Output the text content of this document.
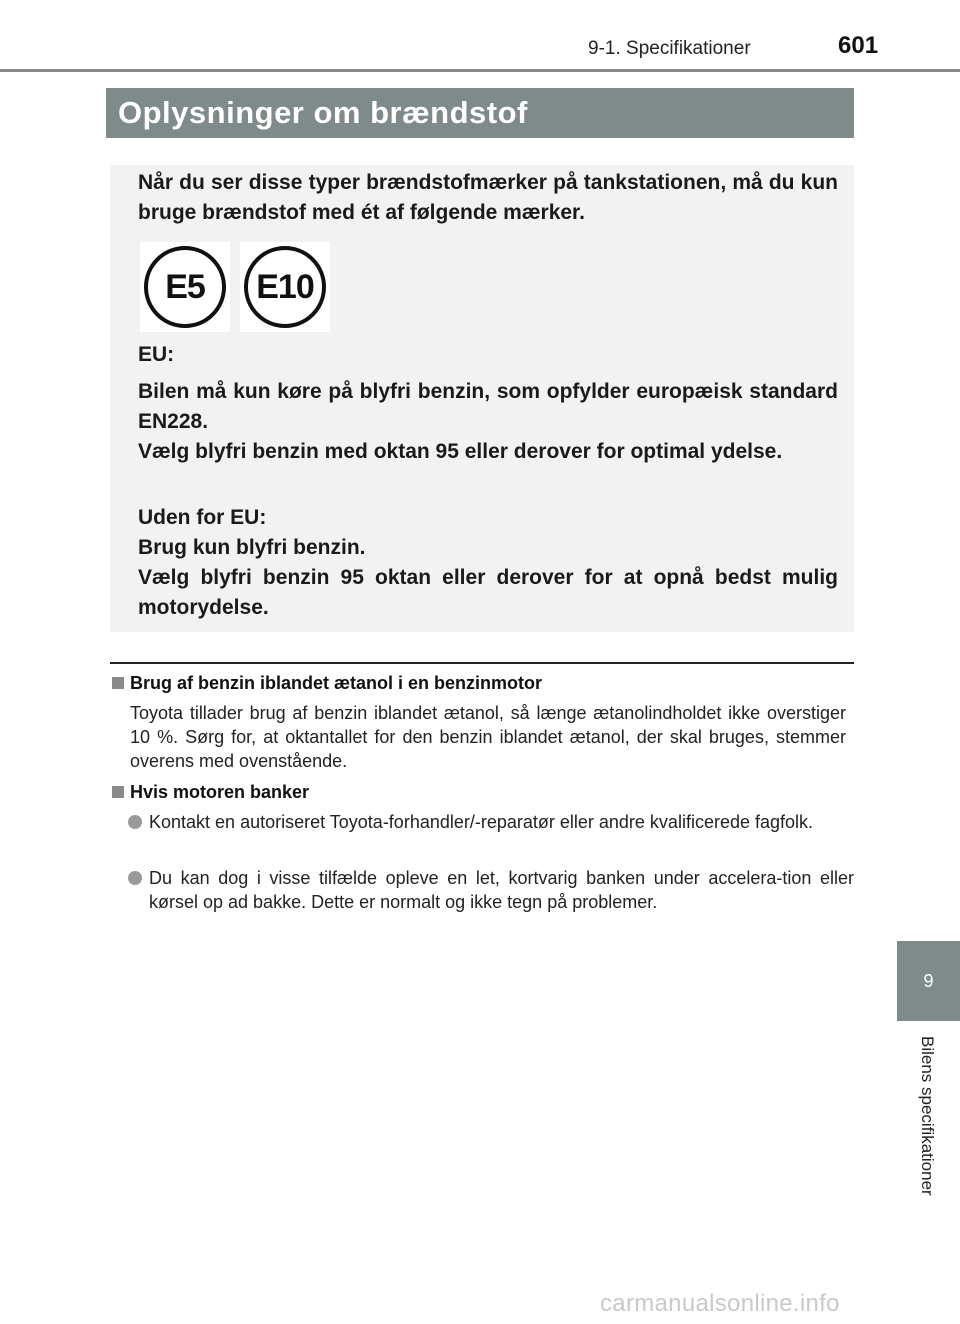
9-1. Specifikationer	601
Oplysninger om brændstof
Når du ser disse typer brændstofmærker på tankstationen, må du kun bruge brændstof med ét af følgende mærker.
E5	E10
EU:
Bilen må kun køre på blyfri benzin, som opfylder europæisk standard EN228.
Vælg blyfri benzin med oktan 95 eller derover for optimal ydelse.
Uden for EU:
Brug kun blyfri benzin.
Vælg blyfri benzin 95 oktan eller derover for at opnå bedst mulig motorydelse.
Brug af benzin iblandet ætanol i en benzinmotor
Toyota tillader brug af benzin iblandet ætanol, så længe ætanolindholdet ikke overstiger 10 %. Sørg for, at oktantallet for den benzin iblandet ætanol, der skal bruges, stemmer overens med ovenstående.
Hvis motoren banker
Kontakt en autoriseret Toyota-forhandler/-reparatør eller andre kvalificerede fagfolk.
Du kan dog i visse tilfælde opleve en let, kortvarig banken under accelera-tion eller kørsel op ad bakke. Dette er normalt og ikke tegn på problemer.
9
Bilens specifikationer
carmanualsonline.info
